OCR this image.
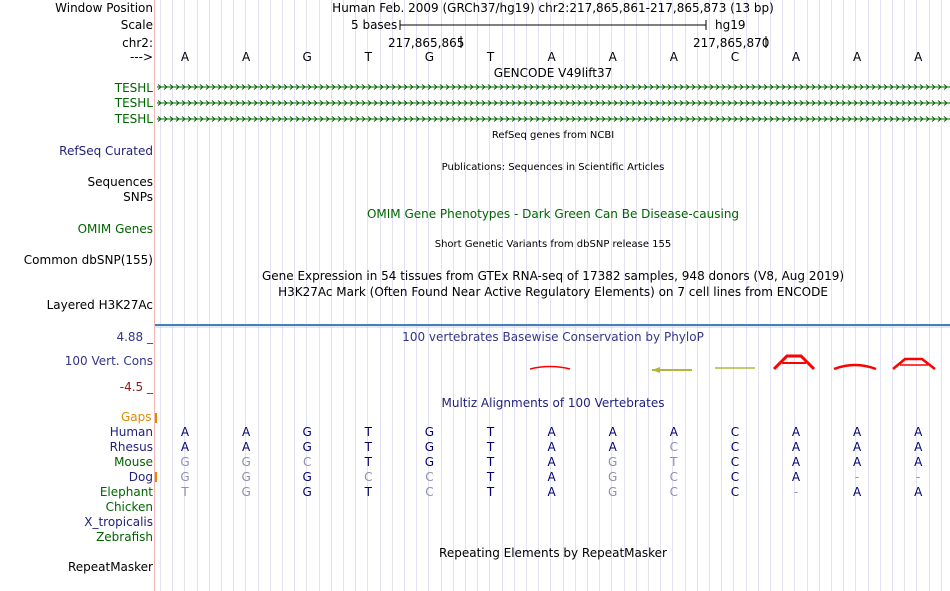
Window Position	Human Feb. 2009 (GRCh37/hg19) chr2:217,865,861-217,865,873 (13 bp)
Scale	5 bases	hg19
chr2:	217,865,865	217,865,870
---> A	A	G	T	G	T	A	A	A	C	A	A	A
GENCODE V49lift37
TESHL
TESHL
TESHL
RefSeq genes from NCBI
RefSeq Curated
Publications: Sequences in Scientific Articles
Sequences
SNPs
OMIM Gene Phenotypes - Dark Green Can Be Disease-causing
OMIM Genes
Short Genetic Variants from dbSNP release 155
Common dbSNP(155)
Gene Expression in 54 tissues from GTEx RNA-seq of 17382 samples, 948 donors (V8, Aug 2019)
H3K27Ac Mark (Often Found Near Active Regulatory Elements) on 7 cell lines from ENCODE
Layered H3K27Ac
4.88 _	100 vertebrates Basewise Conservation by PhyloP
100 Vert. Cons
-4.5 _
Multiz Alignments of 100 Vertebrates
Gaps
Human A	A	G	T	G	T	A	A	A	C	A	A	A
Rhesus A	A	G	T	G	T	A	A	C	C	A	A	A
Mouse G	G	C	T	G	T	A	G	T	C	A	A	A
Dog G	G	G	C	C	T	A	G	C	C	A	-	-
Elephant T	G	G	T	C	T	A	G	C	C	-	A	A
Chicken
X_tropicalis
Zebrafish
Repeating Elements by RepeatMasker
RepeatMasker
